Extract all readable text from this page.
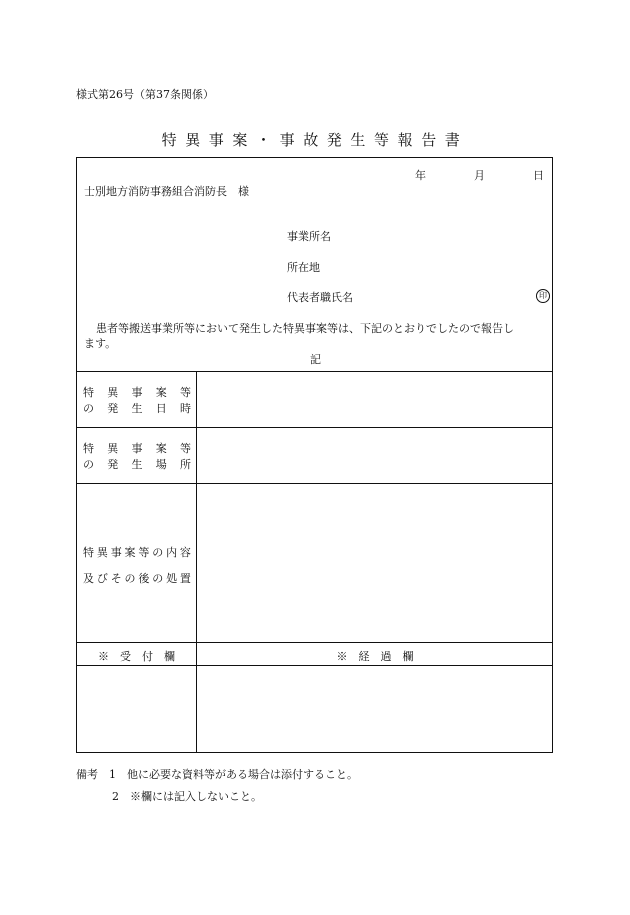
様式第26号（第37条関係）
特異事案・事故発生等報告書
年	月	日
士別地方消防事務組合消防長　様
事業所名
所在地
代表者職氏名	印
患者等搬送事業所等において発生した特異事案等は、下記のとおりでしたので報告し
ます。
記
特 異 事 案 等
の 発 生 日 時
特 異 事 案 等
の 発 生 場 所
特 異 事 案 等 の 内 容
及 び そ の 後 の 処 置
※　受　付　欄	※　経　過　欄
備考　1　他に必要な資料等がある場合は添付すること。
2　※欄には記入しないこと。
